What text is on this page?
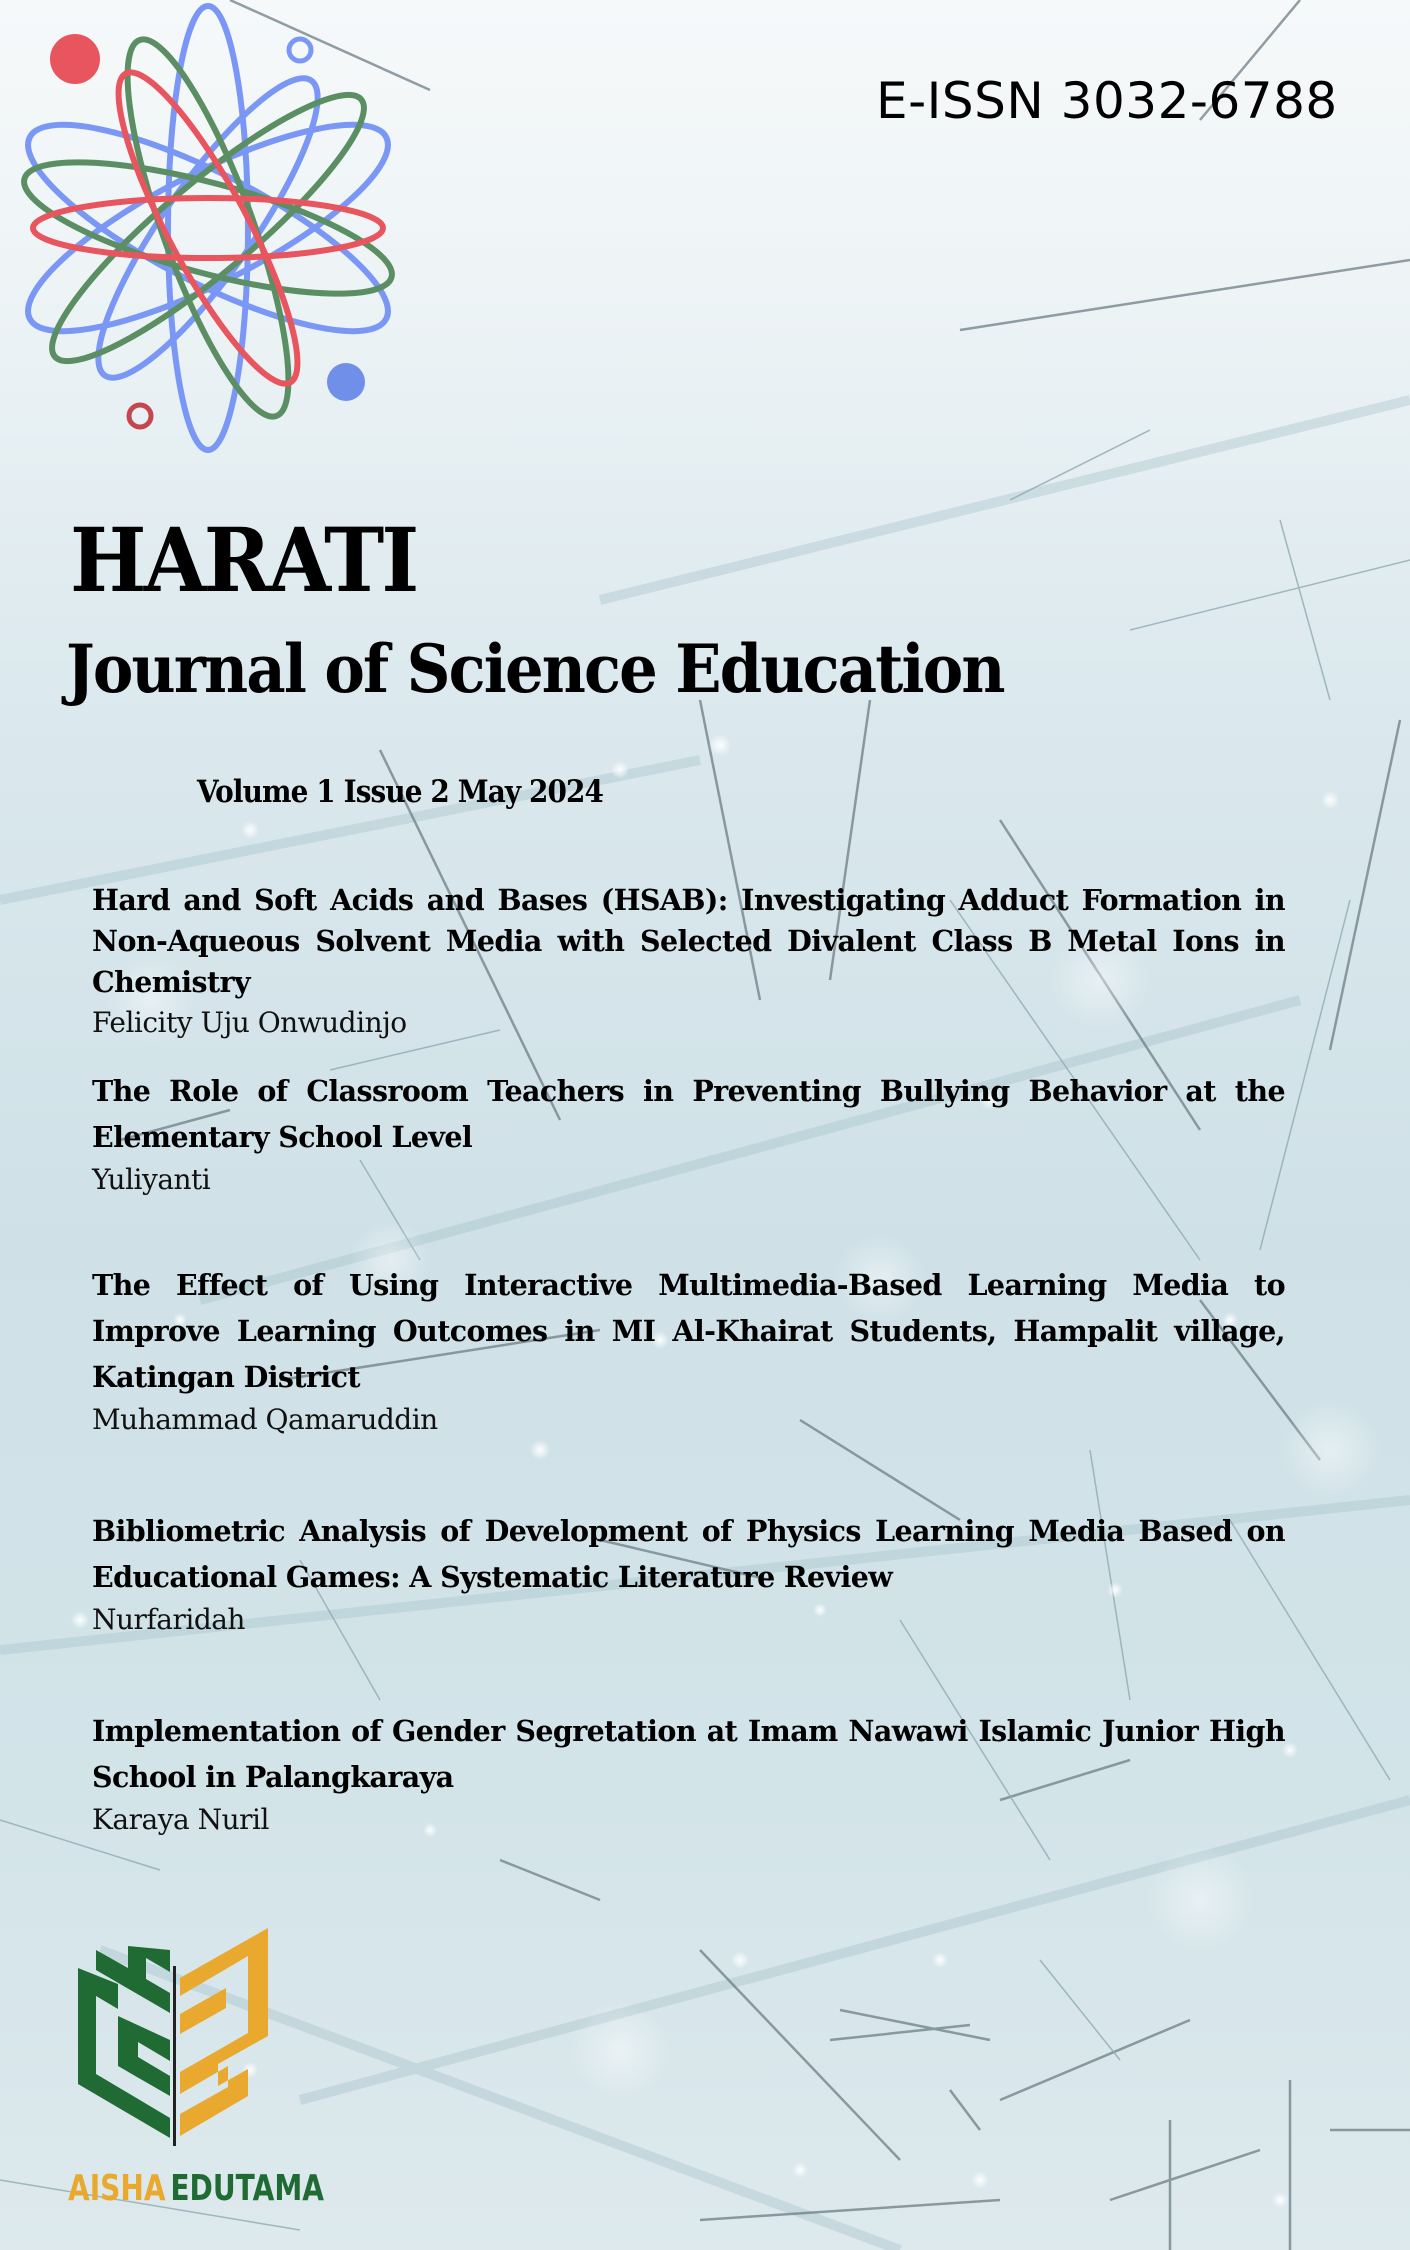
E-ISSN 3032-6788
HARATI
Journal of Science Education
Volume 1 Issue 2 May 2024

Hard and Soft Acids and Bases (HSAB): Investigating Adduct Formation in Non-Aqueous Solvent Media with Selected Divalent Class B Metal Ions in Chemistry

Felicity Uju Onwudinjo

The Role of Classroom Teachers in Preventing Bullying Behavior at the Elementary School Level

Yuliyanti

The Effect of Using Interactive Multimedia-Based Learning Media to Improve Learning Outcomes in MI Al-Khairat Students, Hampalit village, Katingan District

Muhammad Qamaruddin

Bibliometric Analysis of Development of Physics Learning Media Based on Educational Games: A Systematic Literature Review

Nurfaridah

Implementation of Gender Segretation at Imam Nawawi Islamic Junior High School in Palangkaraya

Karaya Nuril

AISHA EDUTAMA
